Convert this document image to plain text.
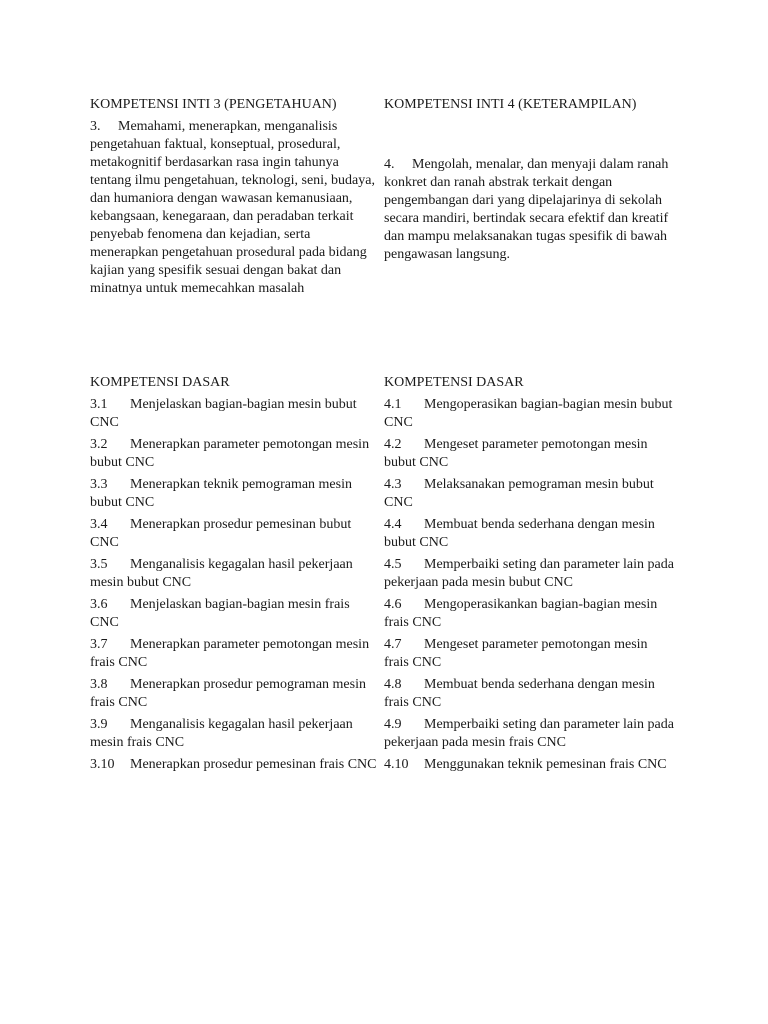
KOMPETENSI INTI 3 (PENGETAHUAN)

3. Memahami, menerapkan, menganalisis pengetahuan faktual, konseptual, prosedural, metakognitif berdasarkan rasa ingin tahunya tentang ilmu pengetahuan, teknologi, seni, budaya, dan humaniora dengan wawasan kemanusiaan, kebangsaan, kenegaraan, dan peradaban terkait penyebab fenomena dan kejadian, serta menerapkan pengetahuan prosedural pada bidang kajian yang spesifik sesuai dengan bakat dan minatnya untuk memecahkan masalah

KOMPETENSI INTI 4 (KETERAMPILAN)

4. Mengolah, menalar, dan menyaji dalam ranah konkret dan ranah abstrak terkait dengan pengembangan dari yang dipelajarinya di sekolah secara mandiri, bertindak secara efektif dan kreatif dan mampu melaksanakan tugas spesifik di bawah pengawasan langsung.

KOMPETENSI DASAR
3.1 Menjelaskan bagian-bagian mesin bubut CNC
3.2 Menerapkan parameter pemotongan mesin bubut CNC
3.3 Menerapkan teknik pemograman mesin bubut CNC
3.4 Menerapkan prosedur pemesinan bubut CNC
3.5 Menganalisis kegagalan hasil pekerjaan mesin bubut CNC
3.6 Menjelaskan bagian-bagian mesin frais CNC
3.7 Menerapkan parameter pemotongan mesin frais CNC
3.8 Menerapkan prosedur pemograman mesin frais CNC
3.9 Menganalisis kegagalan hasil pekerjaan mesin frais CNC
3.10 Menerapkan prosedur pemesinan frais CNC
KOMPETENSI DASAR
4.1 Mengoperasikan bagian-bagian mesin bubut CNC
4.2 Mengeset parameter pemotongan mesin bubut CNC
4.3 Melaksanakan pemograman mesin bubut CNC
4.4 Membuat benda sederhana dengan mesin bubut CNC
4.5 Memperbaiki seting dan parameter lain pada pekerjaan pada mesin bubut CNC
4.6 Mengoperasikankan bagian-bagian mesin frais CNC
4.7 Mengeset parameter pemotongan mesin frais CNC
4.8 Membuat benda sederhana dengan mesin frais CNC
4.9 Memperbaiki seting dan parameter lain pada pekerjaan pada mesin frais CNC
4.10 Menggunakan teknik pemesinan frais CNC
